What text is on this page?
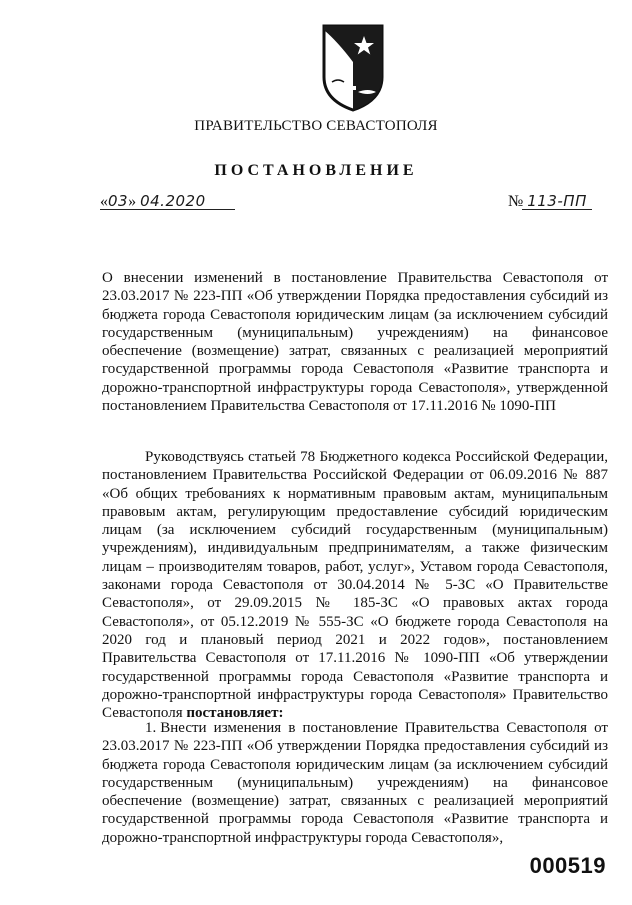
ПРАВИТЕЛЬСТВО СЕВАСТОПОЛЯ
ПОСТАНОВЛЕНИЕ
«03» 04.2020	№ 113-ПП
О внесении изменений в постановление Правительства Севастополя от 23.03.2017 № 223-ПП «Об утверждении Порядка предоставления субсидий из бюджета города Севастополя юридическим лицам (за исключением субсидий государственным (муниципальным) учреждениям) на финансовое обеспечение (возмещение) затрат, связанных с реализацией мероприятий государственной программы города Севастополя «Развитие транспорта и дорожно-транспортной инфраструктуры города Севастополя», утвержденной постановлением Правительства Севастополя от 17.11.2016 № 1090-ПП
Руководствуясь статьей 78 Бюджетного кодекса Российской Федерации, постановлением Правительства Российской Федерации от 06.09.2016 № 887 «Об общих требованиях к нормативным правовым актам, муниципальным правовым актам, регулирующим предоставление субсидий юридическим лицам (за исключением субсидий государственным (муниципальным) учреждениям), индивидуальным предпринимателям, а также физическим лицам – производителям товаров, работ, услуг», Уставом города Севастополя, законами города Севастополя от 30.04.2014 № 5-ЗС «О Правительстве Севастополя», от 29.09.2015 № 185-ЗС «О правовых актах города Севастополя», от 05.12.2019 № 555-ЗС «О бюджете города Севастополя на 2020 год и плановый период 2021 и 2022 годов», постановлением Правительства Севастополя от 17.11.2016 № 1090-ПП «Об утверждении государственной программы города Севастополя «Развитие транспорта и дорожно-транспортной инфраструктуры города Севастополя» Правительство Севастополя постановляет:
1. Внести изменения в постановление Правительства Севастополя от 23.03.2017 № 223-ПП «Об утверждении Порядка предоставления субсидий из бюджета города Севастополя юридическим лицам (за исключением субсидий государственным (муниципальным) учреждениям) на финансовое обеспечение (возмещение) затрат, связанных с реализацией мероприятий государственной программы города Севастополя «Развитие транспорта и дорожно-транспортной инфраструктуры города Севастополя»,
000519
